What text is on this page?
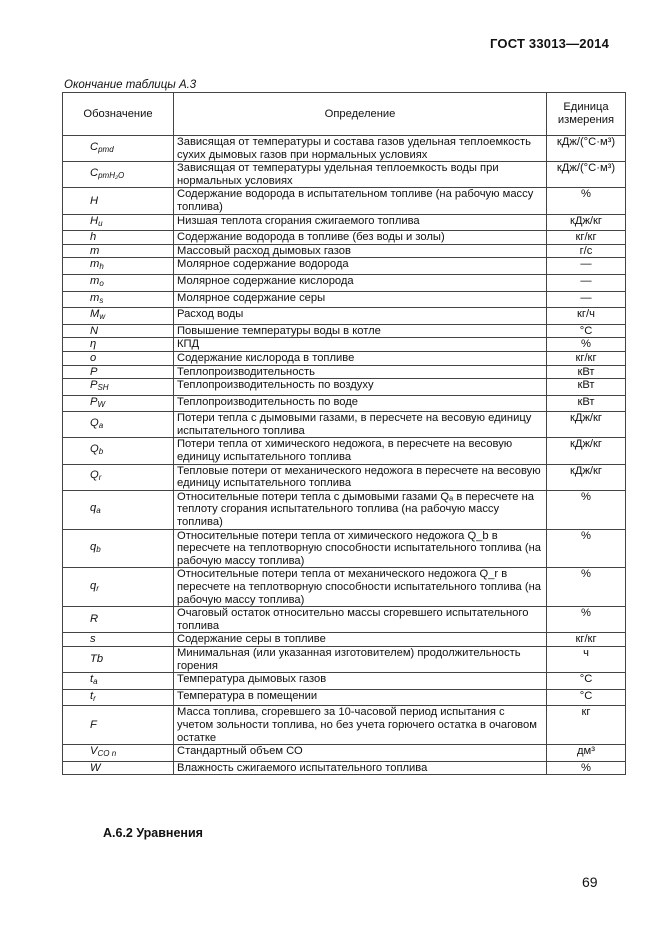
ГОСТ 33013—2014
Окончание таблицы А.3
Обозначение	Определение	Единица измерения
$C_{pmd}$	Зависящая от температуры и состава газов удельная теплоемкость сухих дымовых газов при нормальных условиях	кДж/(°С·м³)
$C_{pmH_2O}$	Зависящая от температуры удельная теплоемкость воды при нормальных условиях	кДж/(°С·м³)
H	Содержание водорода в испытательном топливе (на рабочую массу топлива)	%
$H_u$	Низшая теплота сгорания сжигаемого топлива	кДж/кг
h	Содержание водорода в топливе (без воды и золы)	кг/кг
m	Массовый расход дымовых газов	г/с
$m_h$	Молярное содержание водорода	—
$m_o$	Молярное содержание кислорода	—
$m_s$	Молярное содержание серы	—
$M_w$	Расход воды	кг/ч
N	Повышение температуры воды в котле	°С
η	КПД	%
o	Содержание кислорода в топливе	кг/кг
P	Теплопроизводительность	кВт
$P_{SH}$	Теплопроизводительность по воздуху	кВт
$P_W$	Теплопроизводительность по воде	кВт
$Q_a$	Потери тепла с дымовыми газами, в пересчете на весовую единицу испытательного топлива	кДж/кг
$Q_b$	Потери тепла от химического недожога, в пересчете на весовую единицу испытательного топлива	кДж/кг
$Q_r$	Тепловые потери от механического недожога в пересчете на весовую единицу испытательного топлива	кДж/кг
$q_a$	Относительные потери тепла с дымовыми газами Qₐ в пересчете на теплоту сгорания испытательного топлива (на рабочую массу топлива)	%
$q_b$	Относительные потери тепла от химического недожога Q_b в пересчете на теплотворную способности испытательного топлива (на рабочую массу топлива)	%
$q_r$	Относительные потери тепла от механического недожога Q_r в пересчете на теплотворную способности испытательного топлива (на рабочую массу топлива)	%
R	Очаговый остаток относительно массы сгоревшего испытательного топлива	%
s	Содержание серы в топливе	кг/кг
Tb	Минимальная (или указанная изготовителем) продолжительность горения	ч
$t_a$	Температура дымовых газов	°С
$t_r$	Температура в помещении	°С
F	Масса топлива, сгоревшего за 10-часовой период испытания с учетом зольности топлива, но без учета горючего остатка в очаговом остатке	кг
$V_{CO n}$	Стандартный объем СО	дм³
W	Влажность сжигаемого испытательного топлива	%
А.6.2 Уравнения
69
